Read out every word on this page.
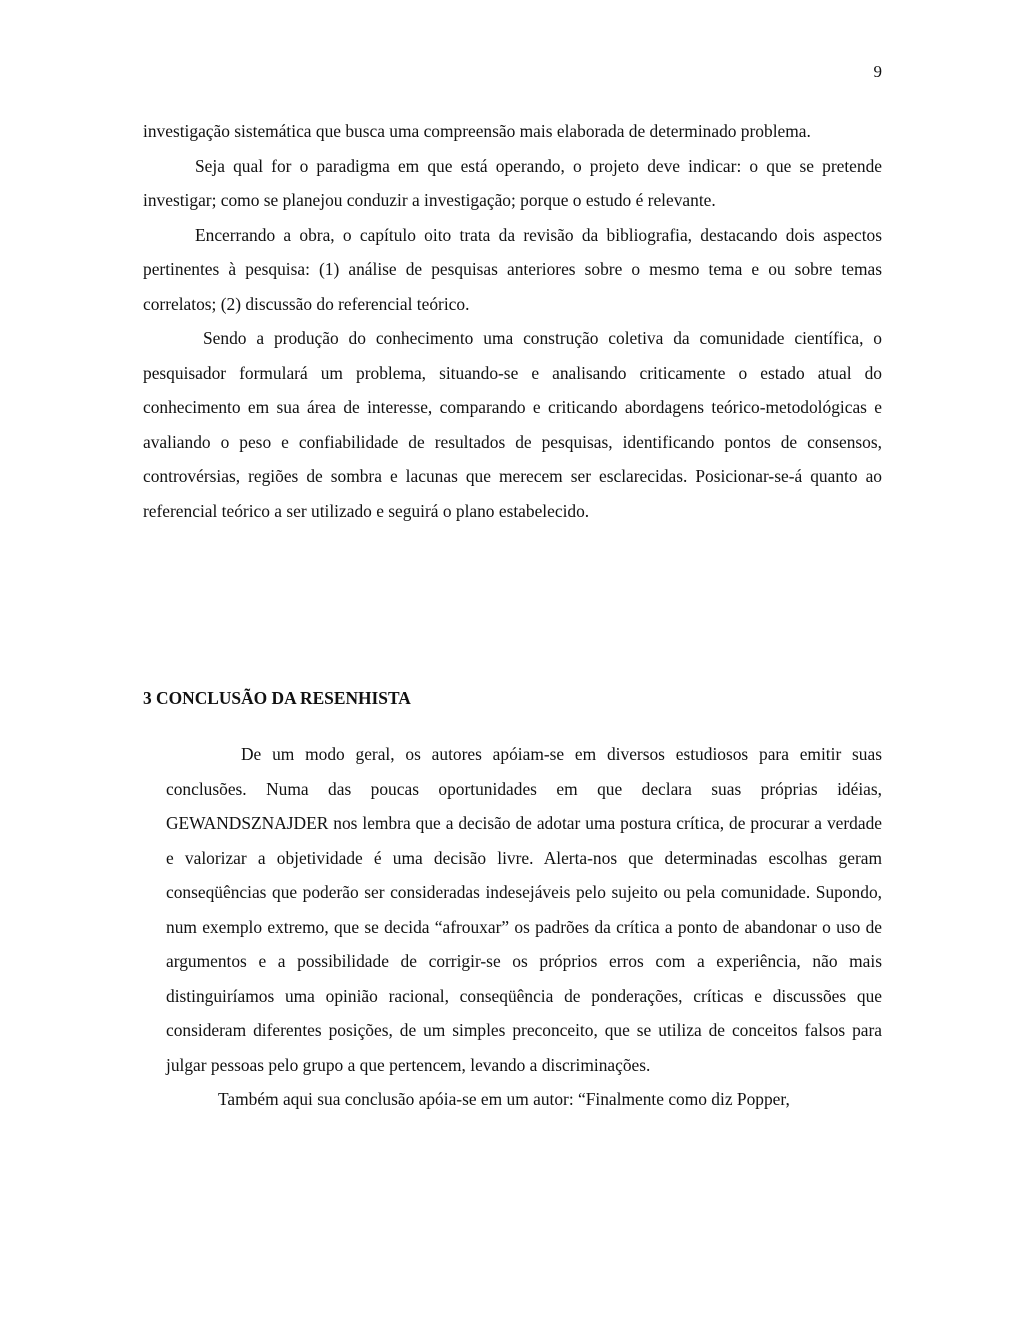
9

investigação sistemática que busca uma compreensão mais elaborada de determinado problema.

Seja qual for o paradigma em que está operando, o projeto deve indicar: o que se pretende investigar; como se planejou conduzir a investigação; porque o estudo é relevante.

Encerrando a obra, o capítulo oito trata da revisão da bibliografia, destacando dois aspectos pertinentes à pesquisa: (1) análise de pesquisas anteriores sobre o mesmo tema e ou sobre temas correlatos; (2) discussão do referencial teórico.

Sendo a produção do conhecimento uma construção coletiva da comunidade científica, o pesquisador formulará um problema, situando-se e analisando criticamente o estado atual do conhecimento em sua área de interesse, comparando e criticando abordagens teórico-metodológicas e avaliando o peso e confiabilidade de resultados de pesquisas, identificando pontos de consensos, controvérsias, regiões de sombra e lacunas que merecem ser esclarecidas. Posicionar-se-á quanto ao referencial teórico a ser utilizado e seguirá o plano estabelecido.

3 CONCLUSÃO DA RESENHISTA

De um modo geral, os autores apóiam-se em diversos estudiosos para emitir suas conclusões. Numa das poucas oportunidades em que declara suas próprias idéias, GEWANDSZNAJDER nos lembra que a decisão de adotar uma postura crítica, de procurar a verdade e valorizar a objetividade é uma decisão livre. Alerta-nos que determinadas escolhas geram conseqüências que poderão ser consideradas indesejáveis pelo sujeito ou pela comunidade. Supondo, num exemplo extremo, que se decida “afrouxar” os padrões da crítica a ponto de abandonar o uso de argumentos e a possibilidade de corrigir-se os próprios erros com a experiência, não mais distinguiríamos uma opinião racional, conseqüência de ponderações, críticas e discussões que consideram diferentes posições, de um simples preconceito, que se utiliza de conceitos falsos para julgar pessoas pelo grupo a que pertencem, levando a discriminações.

Também aqui sua conclusão apóia-se em um autor: “Finalmente como diz Popper,
